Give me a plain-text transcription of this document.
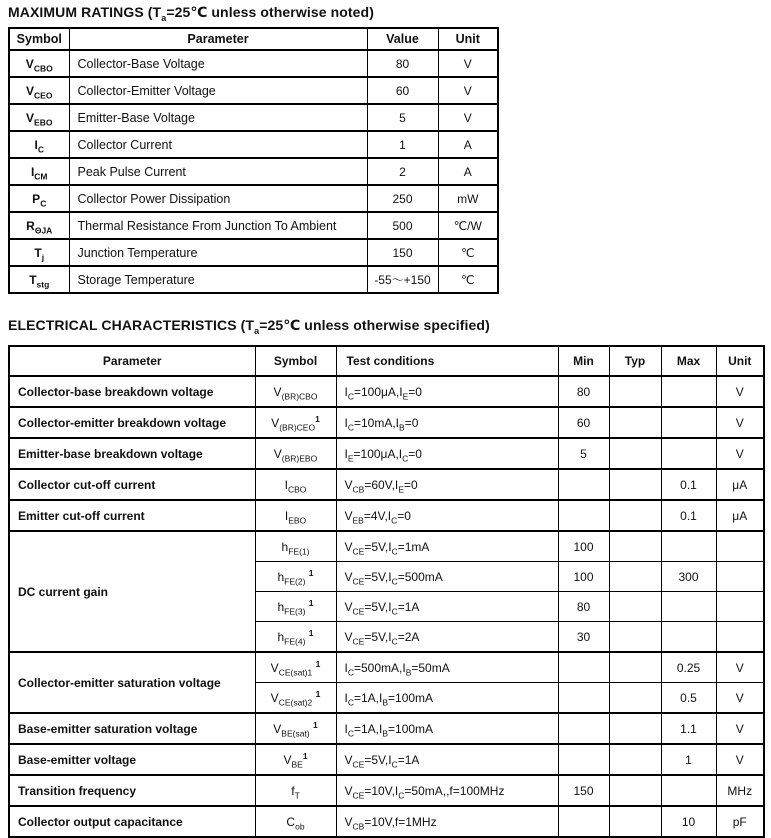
MAXIMUM RATINGS ($T_a=25℃$ unless otherwise noted)
Symbol	Parameter	Value	Unit
$V_{CBO}$	Collector-Base Voltage	80	V
$V_{CEO}$	Collector-Emitter Voltage	60	V
$V_{EBO}$	Emitter-Base Voltage	5	V
$I_C$	Collector Current	1	A
$I_{CM}$	Peak Pulse Current	2	A
$P_C$	Collector Power Dissipation	250	mW
$R_{\Theta JA}$	Thermal Resistance From Junction To Ambient	500	℃/W
$T_j$	Junction Temperature	150	℃
$T_{stg}$	Storage Temperature	-55～+150	℃
ELECTRICAL CHARACTERISTICS ($T_a=25℃$ unless otherwise specified)
Parameter	Symbol	Test conditions	Min	Typ	Max	Unit
Collector-base breakdown voltage	$V_{(BR)CBO}$	$I_C=100\mu A,I_E=0$	80			V
Collector-emitter breakdown voltage	$V_{(BR)CEO}^1$	$I_C=10mA,I_B=0$	60			V
Emitter-base breakdown voltage	$V_{(BR)EBO}$	$I_E=100\mu A,I_C=0$	5			V
Collector cut-off current	$I_{CBO}$	$V_{CB}=60V,I_E=0$			0.1	μA
Emitter cut-off current	$I_{EBO}$	$V_{EB}=4V,I_C=0$			0.1	μA
DC current gain	$h_{FE(1)}$	$V_{CE}=5V,I_C=1mA$	100			
	$h_{FE(2)}$ $^1$	$V_{CE}=5V,I_C=500mA$	100		300	
	$h_{FE(3)}$ $^1$	$V_{CE}=5V,I_C=1A$	80			
	$h_{FE(4)}$ $^1$	$V_{CE}=5V,I_C=2A$	30			
Collector-emitter saturation voltage	$V_{CE(sat)1}$ $^1$	$I_C=500mA,I_B=50mA$			0.25	V
	$V_{CE(sat)2}$ $^1$	$I_C=1A,I_B=100mA$			0.5	V
Base-emitter saturation voltage	$V_{BE(sat)}$ $^1$	$I_C=1A,I_B=100mA$			1.1	V
Base-emitter voltage	$V_{BE}^1$	$V_{CE}=5V,I_C=1A$			1	V
Transition frequency	$f_T$	$V_{CE}=10V,I_C=50mA,,f=100MHz$	150			MHz
Collector output capacitance	$C_{ob}$	$V_{CB}=10V,f=1MHz$			10	pF
